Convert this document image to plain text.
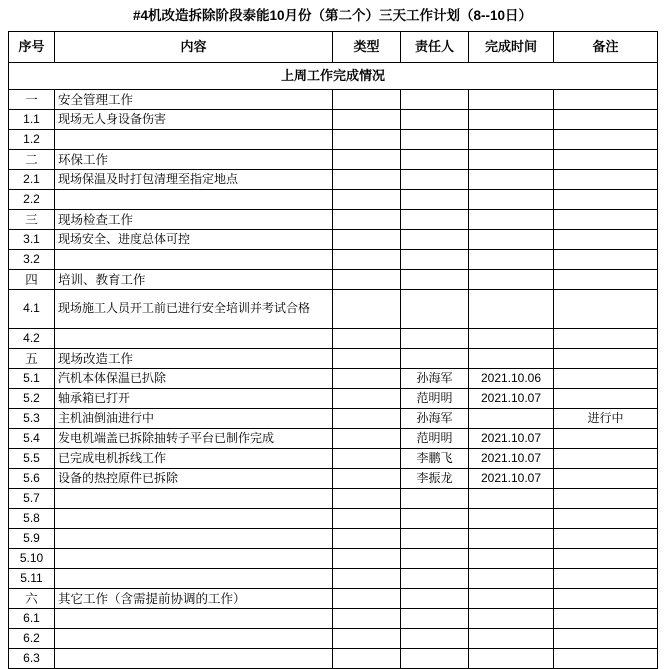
#4机改造拆除阶段泰能10月份（第二个）三天工作计划（8--10日）
序号	内容	类型	责任人	完成时间	备注
上周工作完成情况					
一	安全管理工作				
1.1	现场无人身设备伤害				
1.2					
二	环保工作				
2.1	现场保温及时打包清理至指定地点				
2.2					
三	现场检查工作				
3.1	现场安全、进度总体可控				
3.2					
四	培训、教育工作				
4.1	现场施工人员开工前已进行安全培训并考试合格				
4.2					
五	现场改造工作				
5.1	汽机本体保温已扒除		孙海军	2021.10.06	
5.2	轴承箱已打开		范明明	2021.10.07	
5.3	主机油倒油进行中		孙海军		进行中
5.4	发电机端盖已拆除抽转子平台已制作完成		范明明	2021.10.07	
5.5	已完成电机拆线工作		李鹏飞	2021.10.07	
5.6	设备的热控原件已拆除		李振龙	2021.10.07	
5.7					
5.8					
5.9					
5.10					
5.11					
六	其它工作（含需提前协调的工作）				
6.1					
6.2					
6.3					
